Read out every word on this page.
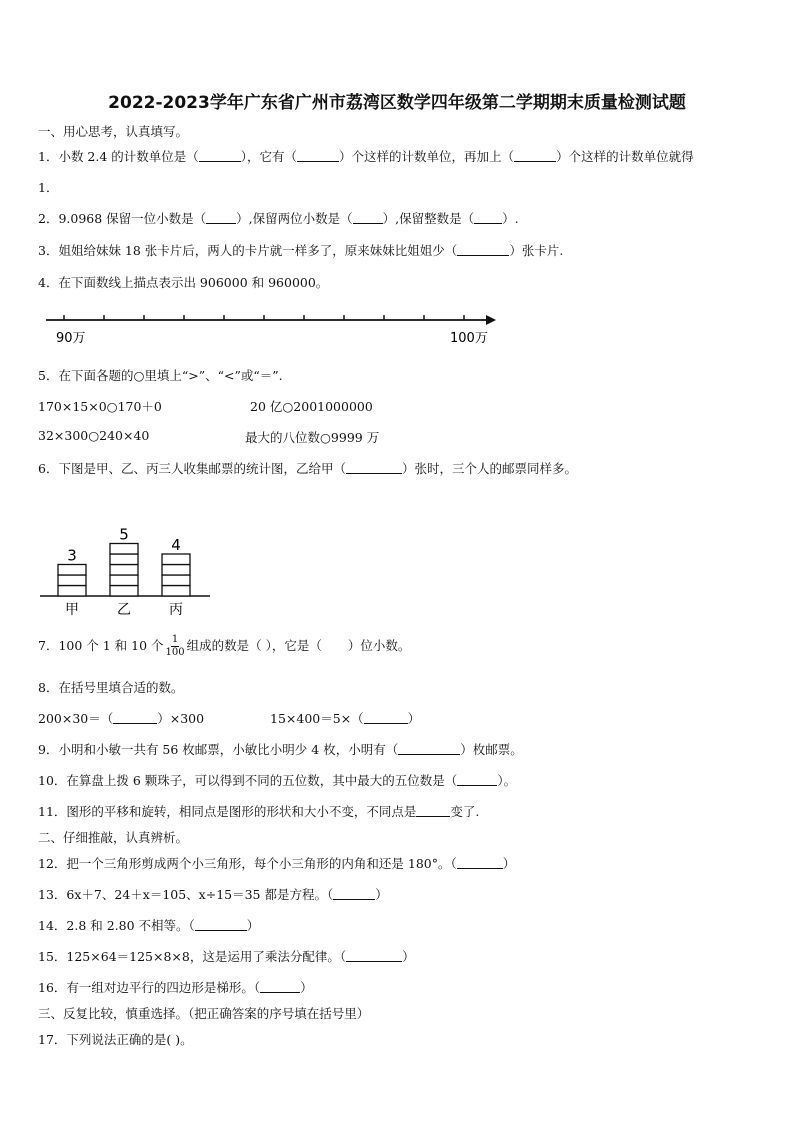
2022-2023学年广东省广州市荔湾区数学四年级第二学期期末质量检测试题
一、用心思考，认真填写。
1．小数 2.4 的计数单位是（	），它有（	）个这样的计数单位，再加上（	）个这样的计数单位就得
1．
2．9.0968 保留一位小数是（ ）,保留两位小数是（ ）,保留整数是（ ）.
3．姐姐给妹妹 18 张卡片后，两人的卡片就一样多了，原来妹妹比姐姐少（	）张卡片.
4．在下面数线上描点表示出 906000 和 960000。
90万	100万
5．在下面各题的○里填上“>”、“<”或“＝”.
170×15×0○170＋0	20 亿○2001000000
32×300○240×40	最大的八位数○9999 万
6．下图是甲、乙、丙三人收集邮票的统计图，乙给甲（	）张时，三个人的邮票同样多。
3
甲
5
乙
4
丙
7．100 个 1 和 10 个 $\frac{1}{100}$ 组成的数是（ ），它是（ ）位小数。
8．在括号里填合适的数。
200×30＝（	）×300	15×400＝5×（	）
9．小明和小敏一共有 56 枚邮票，小敏比小明少 4 枚，小明有（	）枚邮票。
10．在算盘上拨 6 颗珠子，可以得到不同的五位数，其中最大的五位数是（	）。
11．图形的平移和旋转，相同点是图形的形状和大小不变，不同点是	变了.
二、仔细推敲，认真辨析。
12．把一个三角形剪成两个小三角形，每个小三角形的内角和还是 180°。（	）
13．6x＋7、24＋x＝105、x÷15＝35 都是方程。（	）
14．2.8 和 2.80 不相等。（	）
15．125×64＝125×8×8，这是运用了乘法分配律。（	）
16．有一组对边平行的四边形是梯形。（	）
三、反复比较，慎重选择。（把正确答案的序号填在括号里）
17．下列说法正确的是( )。
